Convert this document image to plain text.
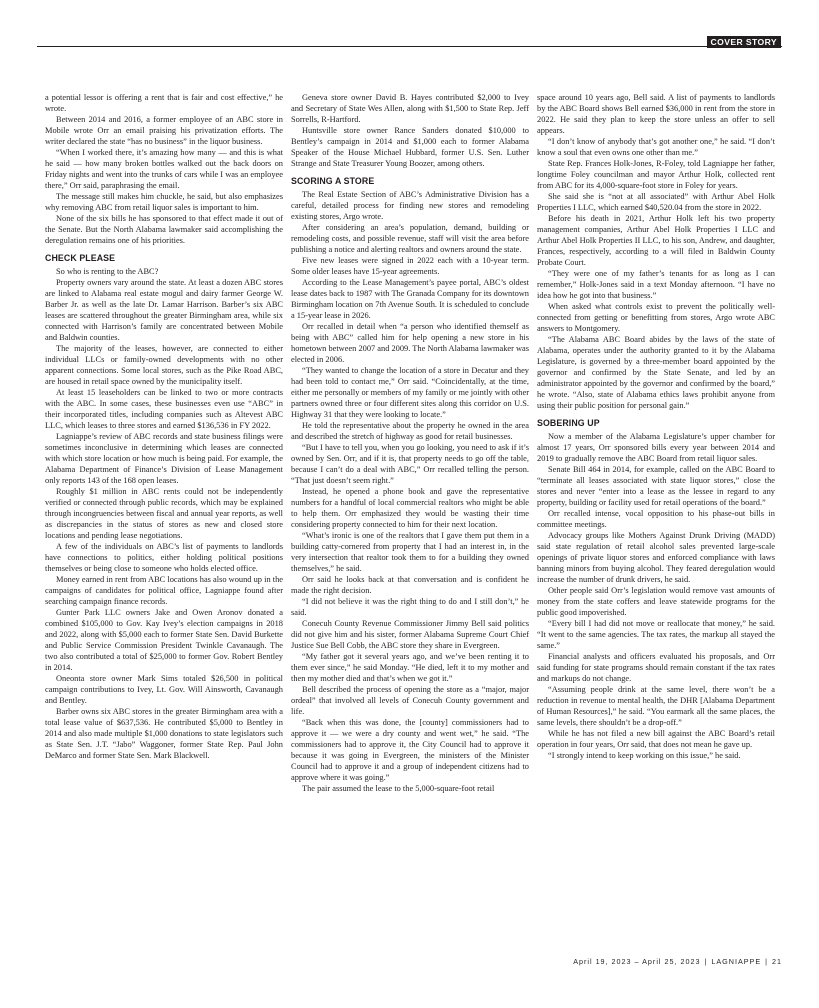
COVER STORY

a potential lessor is offering a rent that is fair and cost effective,” he wrote.

Between 2014 and 2016, a former employee of an ABC store in Mobile wrote Orr an email praising his privatization efforts. The writer declared the state “has no business” in the liquor business.

“When I worked there, it’s amazing how many — and this is what he said — how many broken bottles walked out the back doors on Friday nights and went into the trunks of cars while I was an employee there,” Orr said, paraphrasing the email.

The message still makes him chuckle, he said, but also emphasizes why removing ABC from retail liquor sales is important to him.

None of the six bills he has sponsored to that effect made it out of the Senate. But the North Alabama lawmaker said accomplishing the deregulation remains one of his priorities.

CHECK PLEASE

So who is renting to the ABC?

Property owners vary around the state. At least a dozen ABC stores are linked to Alabama real estate mogul and dairy farmer George W. Barber Jr. as well as the late Dr. Lamar Harrison. Barber’s six ABC leases are scattered throughout the greater Birmingham area, while six connected with Harrison’s family are concentrated between Mobile and Baldwin counties.

The majority of the leases, however, are connected to either individual LLCs or family-owned developments with no other apparent connections. Some local stores, such as the Pike Road ABC, are housed in retail space owned by the municipality itself.

At least 15 leaseholders can be linked to two or more contracts with the ABC. In some cases, these businesses even use “ABC” in their incorporated titles, including companies such as Altevest ABC LLC, which leases to three stores and earned $136,536 in FY 2022.

Lagniappe’s review of ABC records and state business filings were sometimes inconclusive in determining which leases are connected with which store location or how much is being paid. For example, the Alabama Department of Finance’s Division of Lease Management only reports 143 of the 168 open leases.

Roughly $1 million in ABC rents could not be independently verified or connected through public records, which may be explained through incongruencies between fiscal and annual year reports, as well as discrepancies in the status of stores as new and closed store locations and pending lease negotiations.

A few of the individuals on ABC’s list of payments to landlords have connections to politics, either holding political positions themselves or being close to someone who holds elected office.

Money earned in rent from ABC locations has also wound up in the campaigns of candidates for political office, Lagniappe found after searching campaign finance records.

Gunter Park LLC owners Jake and Owen Aronov donated a combined $105,000 to Gov. Kay Ivey’s election campaigns in 2018 and 2022, along with $5,000 each to former State Sen. David Burkette and Public Service Commission President Twinkle Cavanaugh. The two also contributed a total of $25,000 to former Gov. Robert Bentley in 2014.

Oneonta store owner Mark Sims totaled $26,500 in political campaign contributions to Ivey, Lt. Gov. Will Ainsworth, Cavanaugh and Bentley.

Barber owns six ABC stores in the greater Birmingham area with a total lease value of $637,536. He contributed $5,000 to Bentley in 2014 and also made multiple $1,000 donations to state legislators such as State Sen. J.T. “Jabo” Waggoner, former State Rep. Paul John DeMarco and former State Sen. Mark Blackwell.

Geneva store owner David B. Hayes contributed $2,000 to Ivey and Secretary of State Wes Allen, along with $1,500 to State Rep. Jeff Sorrells, R-Hartford.

Huntsville store owner Rance Sanders donated $10,000 to Bentley’s campaign in 2014 and $1,000 each to former Alabama Speaker of the House Michael Hubbard, former U.S. Sen. Luther Strange and State Treasurer Young Boozer, among others.

SCORING A STORE

The Real Estate Section of ABC’s Administrative Division has a careful, detailed process for finding new stores and remodeling existing stores, Argo wrote.

After considering an area’s population, demand, building or remodeling costs, and possible revenue, staff will visit the area before publishing a notice and alerting realtors and owners around the state.

Five new leases were signed in 2022 each with a 10-year term. Some older leases have 15-year agreements.

According to the Lease Management’s payee portal, ABC’s oldest lease dates back to 1987 with The Granada Company for its downtown Birmingham location on 7th Avenue South. It is scheduled to conclude a 15-year lease in 2026.

Orr recalled in detail when “a person who identified themself as being with ABC” called him for help opening a new store in his hometown between 2007 and 2009. The North Alabama lawmaker was elected in 2006.

“They wanted to change the location of a store in Decatur and they had been told to contact me,” Orr said. “Coincidentally, at the time, either me personally or members of my family or me jointly with other partners owned three or four different sites along this corridor on U.S. Highway 31 that they were looking to locate.”

He told the representative about the property he owned in the area and described the stretch of highway as good for retail businesses.

“But I have to tell you, when you go looking, you need to ask if it’s owned by Sen. Orr, and if it is, that property needs to go off the table, because I can’t do a deal with ABC,” Orr recalled telling the person. “That just doesn’t seem right.”

Instead, he opened a phone book and gave the representative numbers for a handful of local commercial realtors who might be able to help them. Orr emphasized they would be wasting their time considering property connected to him for their next location.

“What’s ironic is one of the realtors that I gave them put them in a building catty-cornered from property that I had an interest in, in the very intersection that realtor took them to for a building they owned themselves,” he said.

Orr said he looks back at that conversation and is confident he made the right decision.

“I did not believe it was the right thing to do and I still don’t,” he said.

Conecuh County Revenue Commissioner Jimmy Bell said politics did not give him and his sister, former Alabama Supreme Court Chief Justice Sue Bell Cobb, the ABC store they share in Evergreen.

“My father got it several years ago, and we’ve been renting it to them ever since,” he said Monday. “He died, left it to my mother and then my mother died and that’s when we got it.”

Bell described the process of opening the store as a “major, major ordeal” that involved all levels of Conecuh County government and life.

“Back when this was done, the [county] commissioners had to approve it — we were a dry county and went wet,” he said. “The commissioners had to approve it, the City Council had to approve it because it was going in Evergreen, the ministers of the Minister Council had to approve it and a group of independent citizens had to approve where it was going.”

The pair assumed the lease to the 5,000-square-foot retail

space around 10 years ago, Bell said. A list of payments to landlords by the ABC Board shows Bell earned $36,000 in rent from the store in 2022. He said they plan to keep the store unless an offer to sell appears.

“I don’t know of anybody that’s got another one,” he said. “I don’t know a soul that even owns one other than me.”

State Rep. Frances Holk-Jones, R-Foley, told Lagniappe her father, longtime Foley councilman and mayor Arthur Holk, collected rent from ABC for its 4,000-square-foot store in Foley for years.

She said she is “not at all associated” with Arthur Abel Holk Properties I LLC, which earned $40,520.04 from the store in 2022.

Before his death in 2021, Arthur Holk left his two property management companies, Arthur Abel Holk Properties I LLC and Arthur Abel Holk Properties II LLC, to his son, Andrew, and daughter, Frances, respectively, according to a will filed in Baldwin County Probate Court.

“They were one of my father’s tenants for as long as I can remember,” Holk-Jones said in a text Monday afternoon. “I have no idea how he got into that business.”

When asked what controls exist to prevent the politically well-connected from getting or benefitting from stores, Argo wrote ABC answers to Montgomery.

“The Alabama ABC Board abides by the laws of the state of Alabama, operates under the authority granted to it by the Alabama Legislature, is governed by a three-member board appointed by the governor and confirmed by the State Senate, and led by an administrator appointed by the governor and confirmed by the board,” he wrote. “Also, state of Alabama ethics laws prohibit anyone from using their public position for personal gain.”

SOBERING UP

Now a member of the Alabama Legislature’s upper chamber for almost 17 years, Orr sponsored bills every year between 2014 and 2019 to gradually remove the ABC Board from retail liquor sales.

Senate Bill 464 in 2014, for example, called on the ABC Board to “terminate all leases associated with state liquor stores,” close the stores and never “enter into a lease as the lessee in regard to any property, building or facility used for retail operations of the board.”

Orr recalled intense, vocal opposition to his phase-out bills in committee meetings.

Advocacy groups like Mothers Against Drunk Driving (MADD) said state regulation of retail alcohol sales prevented large-scale openings of private liquor stores and enforced compliance with laws banning minors from buying alcohol. They feared deregulation would increase the number of drunk drivers, he said.

Other people said Orr’s legislation would remove vast amounts of money from the state coffers and leave statewide programs for the public good impoverished.

“Every bill I had did not move or reallocate that money,” he said. “It went to the same agencies. The tax rates, the markup all stayed the same.”

Financial analysts and officers evaluated his proposals, and Orr said funding for state programs should remain constant if the tax rates and markups do not change.

“Assuming people drink at the same level, there won’t be a reduction in revenue to mental health, the DHR [Alabama Department of Human Resources],” he said. “You earmark all the same places, the same levels, there shouldn’t be a drop-off.”

While he has not filed a new bill against the ABC Board’s retail operation in four years, Orr said, that does not mean he gave up.

“I strongly intend to keep working on this issue,” he said.

April 19, 2023 – April 25, 2023 | LAGNIAPPE | 21
